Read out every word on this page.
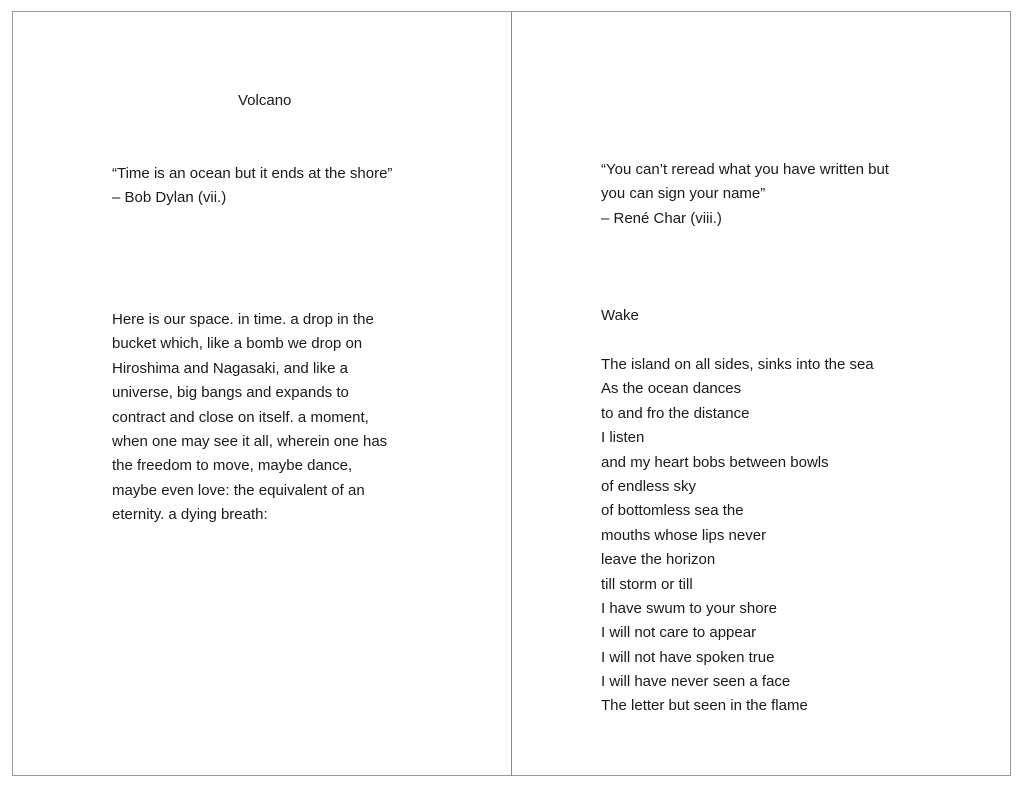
Volcano
“Time is an ocean but it ends at the shore”
– Bob Dylan (vii.)
Here is our space. in time. a drop in the
bucket which, like a bomb we drop on
Hiroshima and Nagasaki, and like a
universe, big bangs and expands to
contract and close on itself. a moment,
when one may see it all, wherein one has
the freedom to move, maybe dance,
maybe even love: the equivalent of an
eternity. a dying breath:
“You can’t reread what you have written but
you can sign your name”
– René Char (viii.)
Wake
The island on all sides, sinks into the sea
As the ocean dances
to and fro the distance
I listen
and my heart bobs between bowls
of endless sky
of bottomless sea the
mouths whose lips never
leave the horizon
till storm or till
I have swum to your shore
I will not care to appear
I will not have spoken true
I will have never seen a face
The letter but seen in the flame
